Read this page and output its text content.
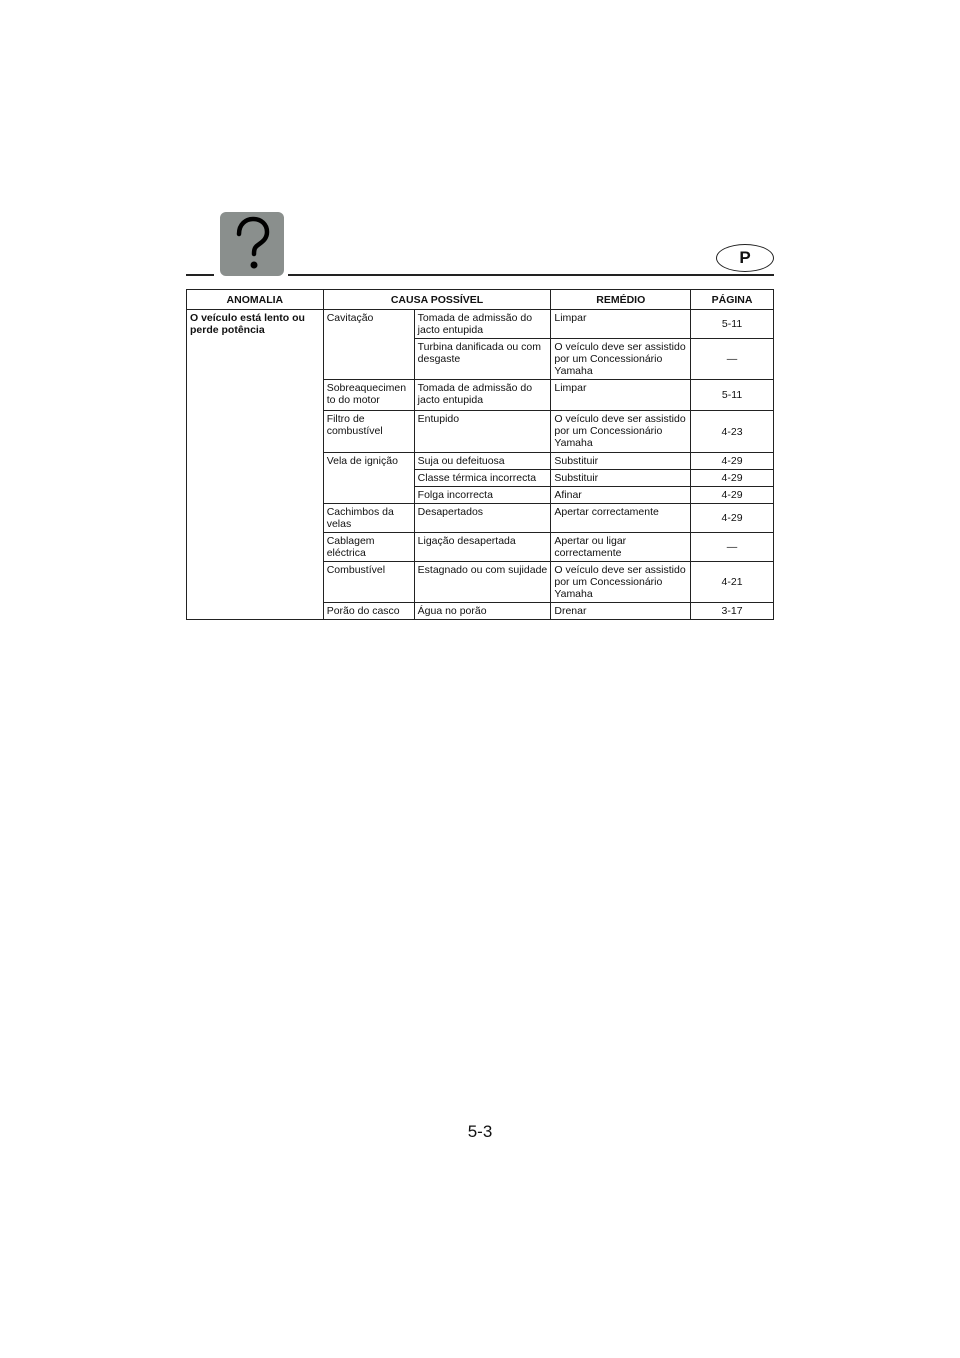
P
ANOMALIA	CAUSA POSSÍVEL		REMÉDIO	PÁGINA
O veículo está lento ou perde potência	Cavitação	Tomada de admissão do jacto entupida	Limpar	5-11
		Turbina danificada ou com desgaste	O veículo deve ser assistido por um Concessionário Yamaha	—
	Sobreaquecimen to do motor	Tomada de admissão do jacto entupida	Limpar	5-11
	Filtro de combustível	Entupido	O veículo deve ser assistido por um Concessionário Yamaha	4-23
	Vela de ignição	Suja ou defeituosa	Substituir	4-29
		Classe térmica incorrecta	Substituir	4-29
		Folga incorrecta	Afinar	4-29
	Cachimbos da velas	Desapertados	Apertar correctamente	4-29
	Cablagem eléctrica	Ligação desapertada	Apertar ou ligar correctamente	—
	Combustível	Estagnado ou com sujidade	O veículo deve ser assistido por um Concessionário Yamaha	4-21
	Porão do casco	Água no porão	Drenar	3-17
5-3
